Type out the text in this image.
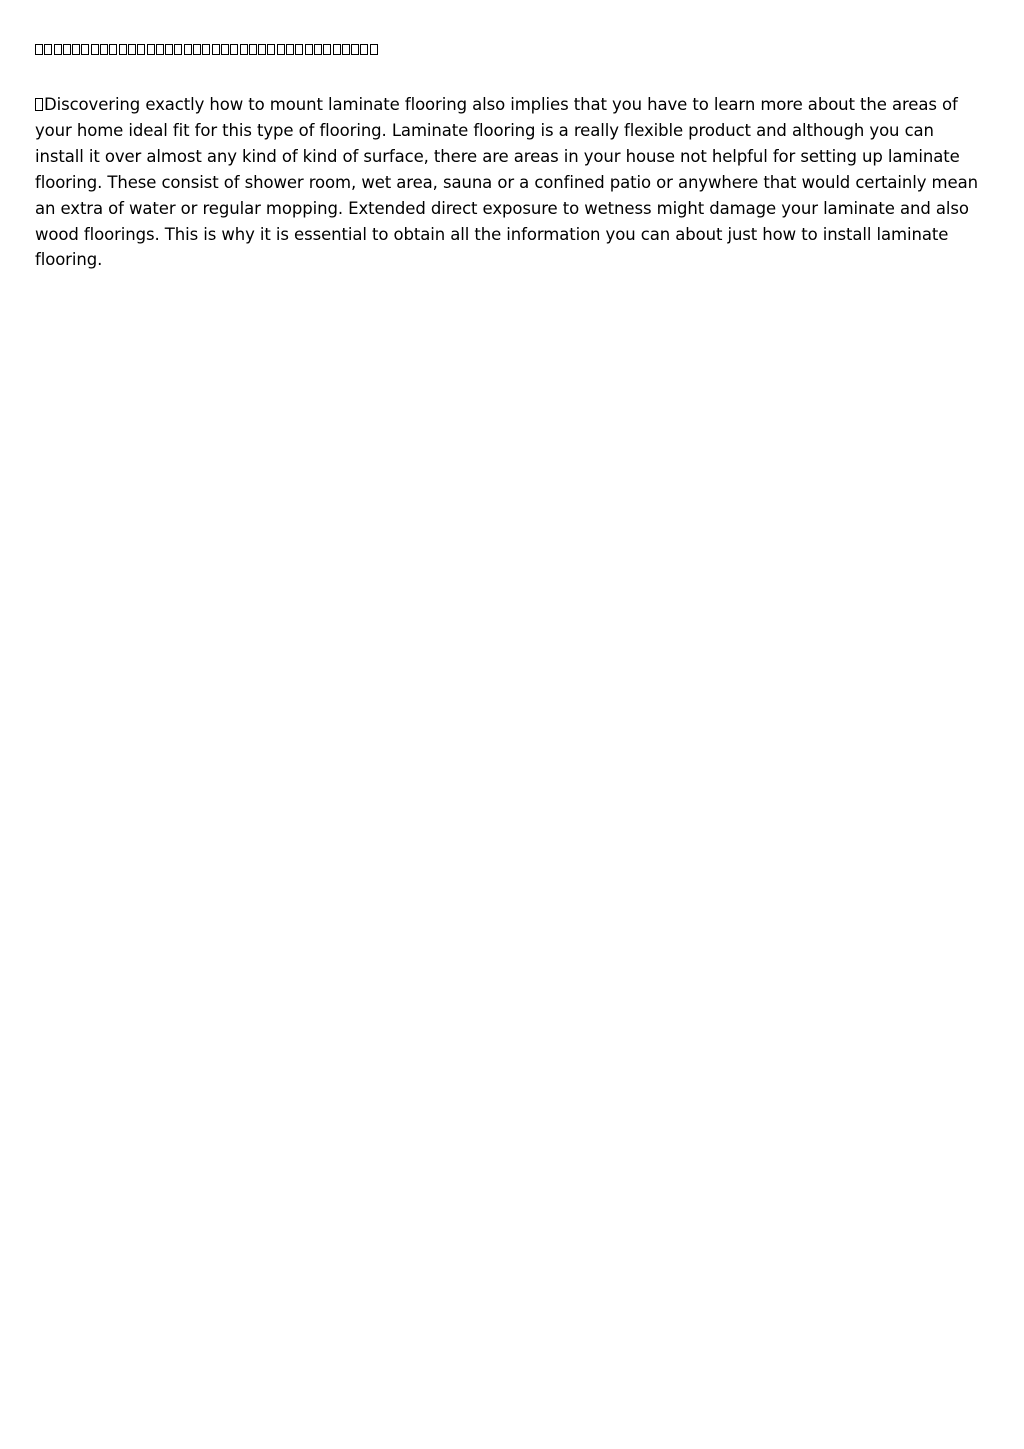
Discovering exactly how to mount laminate flooring also implies that you have to learn more about the areas of your home ideal fit for this type of flooring. Laminate flooring is a really flexible product and although you can install it over almost any kind of kind of surface, there are areas in your house not helpful for setting up laminate flooring. These consist of shower room, wet area, sauna or a confined patio or anywhere that would certainly mean an extra of water or regular mopping. Extended direct exposure to wetness might damage your laminate and also wood floorings. This is why it is essential to obtain all the information you can about just how to install laminate flooring.
